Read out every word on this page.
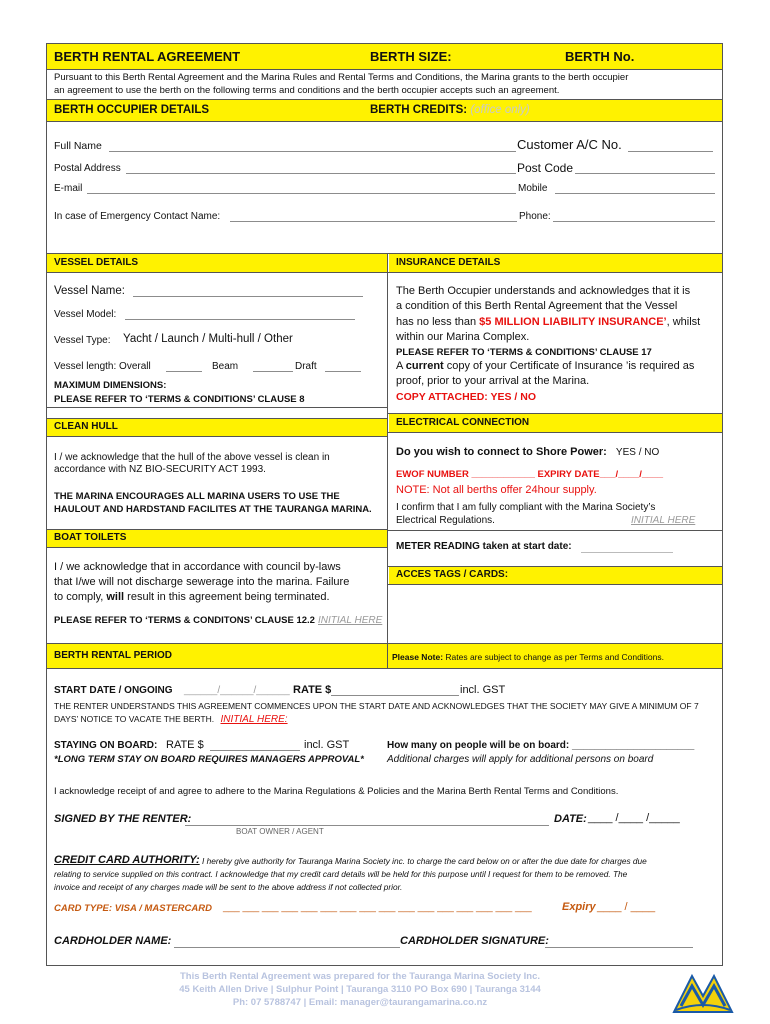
BERTH RENTAL AGREEMENT	BERTH SIZE:	BERTH No.
Pursuant to this Berth Rental Agreement and the Marina Rules and Rental Terms and Conditions, the Marina grants to the berth occupier
an agreement to use the berth on the following terms and conditions and the berth occupier accepts such an agreement.
BERTH OCCUPIER DETAILS	BERTH CREDITS: (office only)
Full Name	Customer A/C No.
Postal Address	Post Code
E-mail	Mobile
In case of Emergency Contact Name:	Phone:
VESSEL DETAILS	INSURANCE DETAILS
Vessel Name:
Vessel Model:
Vessel Type: Yacht / Launch / Multi-hull / Other
Vessel length: Overall	Beam	Draft
MAXIMUM DIMENSIONS:
PLEASE REFER TO ‘TERMS & CONDITIONS’ CLAUSE 8
The Berth Occupier understands and acknowledges that it is
a condition of this Berth Rental Agreement that the Vessel
has no less than $5 MILLION LIABILITY INSURANCE’, whilst
within our Marina Complex.
PLEASE REFER TO ‘TERMS & CONDITIONS’ CLAUSE 17
A current copy of your Certificate of Insurance ’is required as
proof, prior to your arrival at the Marina.
COPY ATTACHED: YES / NO
CLEAN HULL	ELECTRICAL CONNECTION
I / we acknowledge that the hull of the above vessel is clean in
accordance with NZ BIO-SECURITY ACT 1993.
THE MARINA ENCOURAGES ALL MARINA USERS TO USE THE
HAULOUT AND HARDSTAND FACILITES AT THE TAURANGA MARINA.
Do you wish to connect to Shore Power: YES / NO
EWOF NUMBER ____________ EXPIRY DATE___/____/____
NOTE: Not all berths offer 24hour supply.
I confirm that I am fully compliant with the Marina Society’s
Electrical Regulations.	INITIAL HERE
METER READING taken at start date:
BOAT TOILETS
I / we acknowledge that in accordance with council by-laws
that I/we will not discharge sewerage into the marina. Failure
to comply, will result in this agreement being terminated.
ACCES TAGS / CARDS:
PLEASE REFER TO ‘TERMS & CONDITONS’ CLAUSE 12.2 INITIAL HERE
BERTH RENTAL PERIOD	Please Note: Rates are subject to change as per Terms and Conditions.
START DATE / ONGOING ______/______/______ RATE $	incl. GST
THE RENTER UNDERSTANDS THIS AGREEMENT COMMENCES UPON THE START DATE AND ACKNOWLEDGES THAT THE SOCIETY MAY GIVE A MINIMUM OF 7
DAYS’ NOTICE TO VACATE THE BERTH. INITIAL HERE:
STAYING ON BOARD: RATE $	incl. GST	How many on people will be on board: ______________________
*LONG TERM STAY ON BOARD REQUIRES MANAGERS APPROVAL* Additional charges will apply for additional persons on board
I acknowledge receipt of and agree to adhere to the Marina Regulations & Policies and the Marina Berth Rental Terms and Conditions.
SIGNED BY THE RENTER:	DATE: ____ /____ /_____
BOAT OWNER / AGENT
CREDIT CARD AUTHORITY: I hereby give authority for Tauranga Marina Society inc. to charge the card below on or after the due date for charges due
relating to service supplied on this contract. I acknowledge that my credit card details will be held for this purpose until I request for them to be removed. The
invoice and receipt of any charges made will be sent to the above address if not collected prior.
CARD TYPE: VISA / MASTERCARD ___ ___ ___ ___ ___ ___ ___ ___ ___ ___ ___ ___ ___ ___ ___ ___	Expiry ____ / ____
CARDHOLDER NAME:	CARDHOLDER SIGNATURE:
This Berth Rental Agreement was prepared for the Tauranga Marina Society Inc.
45 Keith Allen Drive | Sulphur Point | Tauranga 3110 PO Box 690 | Tauranga 3144
Ph: 07 5788747 | Email: manager@taurangamarina.co.nz
